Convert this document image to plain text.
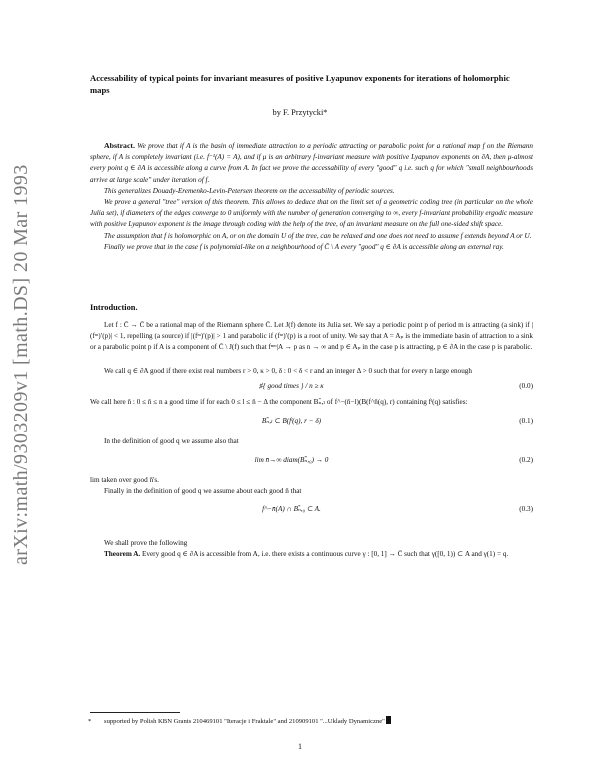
arXiv:math/9303209v1 [math.DS] 20 Mar 1993
Accessability of typical points for invariant measures of positive Lyapunov exponents for iterations of holomorphic maps
by F. Przytycki*

Abstract. We prove that if A is the basin of immediate attraction to a periodic attracting or parabolic point for a rational map f on the Riemann sphere, if A is completely invariant (i.e. f⁻¹(A) = A), and if μ is an arbitrary f-invariant measure with positive Lyapunov exponents on ∂A, then μ-almost every point q ∈ ∂A is accessible along a curve from A. In fact we prove the accessability of every "good" q i.e. such q for which "small neighbourhoods arrive at large scale" under iteration of f.

This generalizes Douady-Eremenko-Levin-Petersen theorem on the accessability of periodic sources.

We prove a general "tree" version of this theorem. This allows to deduce that on the limit set of a geometric coding tree (in particular on the whole Julia set), if diameters of the edges converge to 0 uniformly with the number of generation converging to ∞, every f-invariant probability ergodic measure with positive Lyapunov exponent is the image through coding with the help of the tree, of an invariant measure on the full one-sided shift space.

The assumption that f is holomorphic on A, or on the domain U of the tree, can be relaxed and one does not need to assume f extends beyond A or U.

Finally we prove that in the case f is polynomial-like on a neighbourhood of C̄ \ A every "good" q ∈ ∂A is accessible along an external ray.

Introduction.

Let f : C̄ → C̄ be a rational map of the Riemann sphere C̄. Let J(f) denote its Julia set. We say a periodic point p of period m is attracting (a sink) if |(fᵐ)′(p)| < 1, repelling (a source) if |(fᵐ)′(p)| > 1 and parabolic if (fᵐ)′(p) is a root of unity. We say that A = Aₚ is the immediate basin of attraction to a sink or a parabolic point p if A is a component of C̄ \ J(f) such that fⁿᵐ|A → p as n → ∞ and p ∈ Aₚ in the case p is attracting, p ∈ ∂A in the case p is parabolic.

We call q ∈ ∂A good if there exist real numbers r > 0, κ > 0, δ : 0 < δ < r and an integer Δ > 0 such that for every n large enough

♯{ good times } / n ≥ κ	(0.0)

We call here n̄ : 0 ≤ n̄ ≤ n a good time if for each 0 ≤ l ≤ n̄ − Δ the component Bₙ̄,ₗ of f^−(n̄−l)(B(f^n̄(q), r) containing fˡ(q) satisfies:

Bₙ̄,ₗ ⊂ B(fˡ(q), r − δ)	(0.1)

In the definition of good q we assume also that

lim n̄→∞ diam(Bₙ̄,₀) → 0	(0.2)

lim taken over good n̄'s.

Finally in the definition of good q we assume about each good n̄ that

f^−n̄(A) ∩ Bₙ̄,₀ ⊂ A.	(0.3)

We shall prove the following

Theorem A. Every good q ∈ ∂A is accessible from A, i.e. there exists a continuous curve γ : [0, 1] → C̄ such that γ([0, 1)) ⊂ A and γ(1) = q.

* supported by Polish KBN Grants 210469101 "Iteracje i Fraktale" and 210909101 "...Uklady Dynamiczne"
1
